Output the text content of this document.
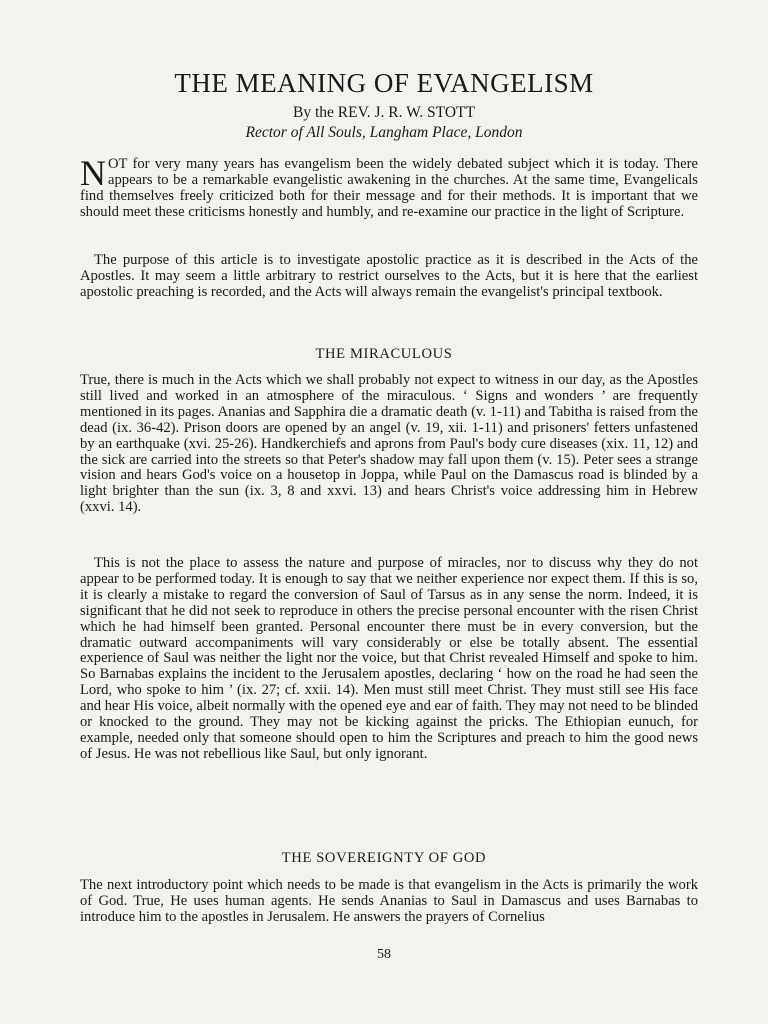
THE MEANING OF EVANGELISM
By the REV. J. R. W. STOTT
Rector of All Souls, Langham Place, London

NOT for very many years has evangelism been the widely debated subject which it is today. There appears to be a remarkable evangelistic awakening in the churches. At the same time, Evangelicals find themselves freely criticized both for their message and for their methods. It is important that we should meet these criticisms honestly and humbly, and re-examine our practice in the light of Scripture.

The purpose of this article is to investigate apostolic practice as it is described in the Acts of the Apostles. It may seem a little arbitrary to restrict ourselves to the Acts, but it is here that the earliest apostolic preaching is recorded, and the Acts will always remain the evangelist's principal textbook.

THE MIRACULOUS

True, there is much in the Acts which we shall probably not expect to witness in our day, as the Apostles still lived and worked in an atmosphere of the miraculous. ‘ Signs and wonders ’ are frequently mentioned in its pages. Ananias and Sapphira die a dramatic death (v. 1-11) and Tabitha is raised from the dead (ix. 36-42). Prison doors are opened by an angel (v. 19, xii. 1-11) and prisoners' fetters unfastened by an earthquake (xvi. 25-26). Handkerchiefs and aprons from Paul's body cure diseases (xix. 11, 12) and the sick are carried into the streets so that Peter's shadow may fall upon them (v. 15). Peter sees a strange vision and hears God's voice on a housetop in Joppa, while Paul on the Damascus road is blinded by a light brighter than the sun (ix. 3, 8 and xxvi. 13) and hears Christ's voice addressing him in Hebrew (xxvi. 14).

This is not the place to assess the nature and purpose of miracles, nor to discuss why they do not appear to be performed today. It is enough to say that we neither experience nor expect them. If this is so, it is clearly a mistake to regard the conversion of Saul of Tarsus as in any sense the norm. Indeed, it is significant that he did not seek to reproduce in others the precise personal encounter with the risen Christ which he had himself been granted. Personal encounter there must be in every conversion, but the dramatic outward accompaniments will vary considerably or else be totally absent. The essential experience of Saul was neither the light nor the voice, but that Christ revealed Himself and spoke to him. So Barnabas explains the incident to the Jerusalem apostles, declaring ‘ how on the road he had seen the Lord, who spoke to him ’ (ix. 27; cf. xxii. 14). Men must still meet Christ. They must still see His face and hear His voice, albeit normally with the opened eye and ear of faith. They may not need to be blinded or knocked to the ground. They may not be kicking against the pricks. The Ethiopian eunuch, for example, needed only that someone should open to him the Scriptures and preach to him the good news of Jesus. He was not rebellious like Saul, but only ignorant.

THE SOVEREIGNTY OF GOD

The next introductory point which needs to be made is that evangelism in the Acts is primarily the work of God. True, He uses human agents. He sends Ananias to Saul in Damascus and uses Barnabas to introduce him to the apostles in Jerusalem. He answers the prayers of Cornelius

58
